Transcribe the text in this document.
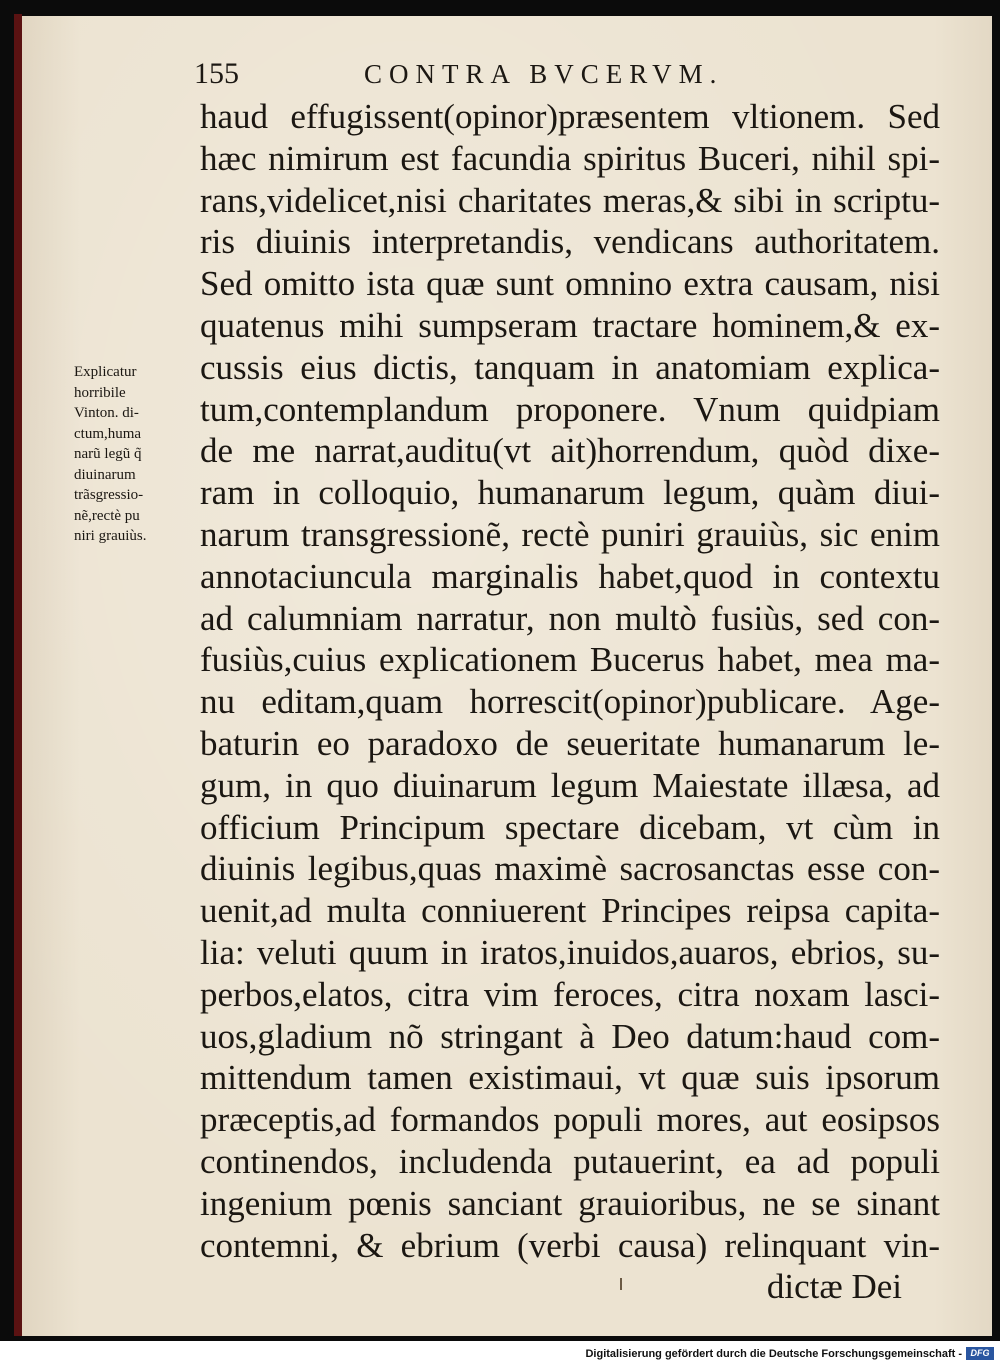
155	CONTRA BVCERVM.
Explicatur
horribile
Vinton. di-
ctum,huma
narũ legũ q̃
diuinarum
trãsgressio-
nẽ,rectè pu
niri grauiùs.
haud effugissent(opinor)præsentem vltionem. Sed
hæc nimirum est facundia spiritus Buceri, nihil spi-
rans,videlicet,nisi charitates meras,& sibi in scriptu-
ris diuinis interpretandis, vendicans authoritatem.
Sed omitto ista quæ sunt omnino extra causam, nisi
quatenus mihi sumpseram tractare hominem,& ex-
cussis eius dictis, tanquam in anatomiam explica-
tum,contemplandum proponere. Vnum quidpiam
de me narrat,auditu(vt ait)horrendum, quòd dixe-
ram in colloquio, humanarum legum, quàm diui-
narum transgressionẽ, rectè puniri grauiùs, sic enim
annotaciuncula marginalis habet,quod in contextu
ad calumniam narratur, non multò fusiùs, sed con-
fusiùs,cuius explicationem Bucerus habet, mea ma-
nu editam,quam horrescit(opinor)publicare. Age-
baturin eo paradoxo de seueritate humanarum le-
gum, in quo diuinarum legum Maiestate illæsa, ad
officium Principum spectare dicebam, vt cùm in
diuinis legibus,quas maximè sacrosanctas esse con-
uenit,ad multa conniuerent Principes reipsa capita-
lia: veluti quum in iratos,inuidos,auaros, ebrios, su-
perbos,elatos, citra vim feroces, citra noxam lasci-
uos,gladium nõ stringant à Deo datum:haud com-
mittendum tamen existimaui, vt quæ suis ipsorum
præceptis,ad formandos populi mores, aut eosipsos
continendos, includenda putauerint, ea ad populi
ingenium pœnis sanciant grauioribus, ne se sinant
contemni, & ebrium (verbi causa) relinquant vin-
dictæ Dei
Digitalisierung gefördert durch die Deutsche Forschungsgemeinschaft - DFG
